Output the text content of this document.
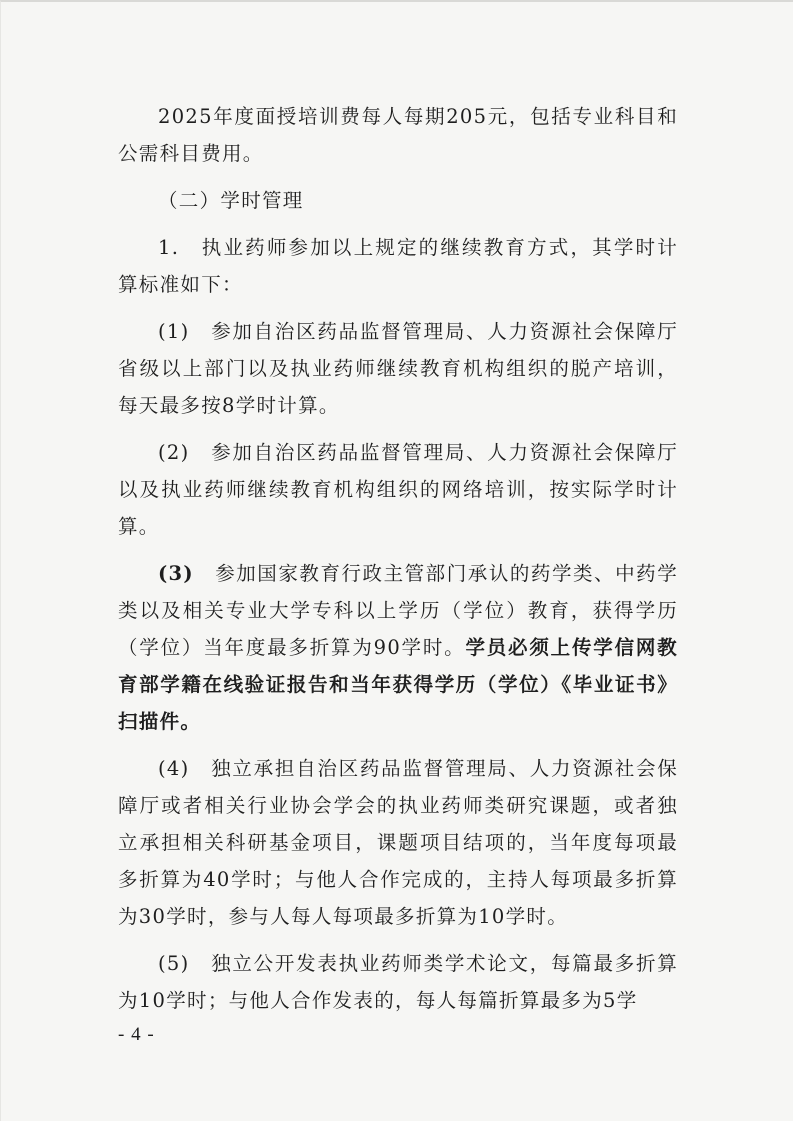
2025年度面授培训费每人每期205元，包括专业科目和公需科目费用。

（二）学时管理

1.　执业药师参加以上规定的继续教育方式，其学时计算标准如下：

(1)　参加自治区药品监督管理局、人力资源社会保障厅省级以上部门以及执业药师继续教育机构组织的脱产培训，每天最多按8学时计算。

(2)　参加自治区药品监督管理局、人力资源社会保障厅以及执业药师继续教育机构组织的网络培训，按实际学时计算。

(3)　参加国家教育行政主管部门承认的药学类、中药学类以及相关专业大学专科以上学历（学位）教育，获得学历（学位）当年度最多折算为90学时。学员必须上传学信网教育部学籍在线验证报告和当年获得学历（学位）《毕业证书》扫描件。

(4)　独立承担自治区药品监督管理局、人力资源社会保障厅或者相关行业协会学会的执业药师类研究课题，或者独立承担相关科研基金项目，课题项目结项的，当年度每项最多折算为40学时；与他人合作完成的，主持人每项最多折算为30学时，参与人每人每项最多折算为10学时。

(5)　独立公开发表执业药师类学术论文，每篇最多折算为10学时；与他人合作发表的，每人每篇折算最多为5学

- 4 -
